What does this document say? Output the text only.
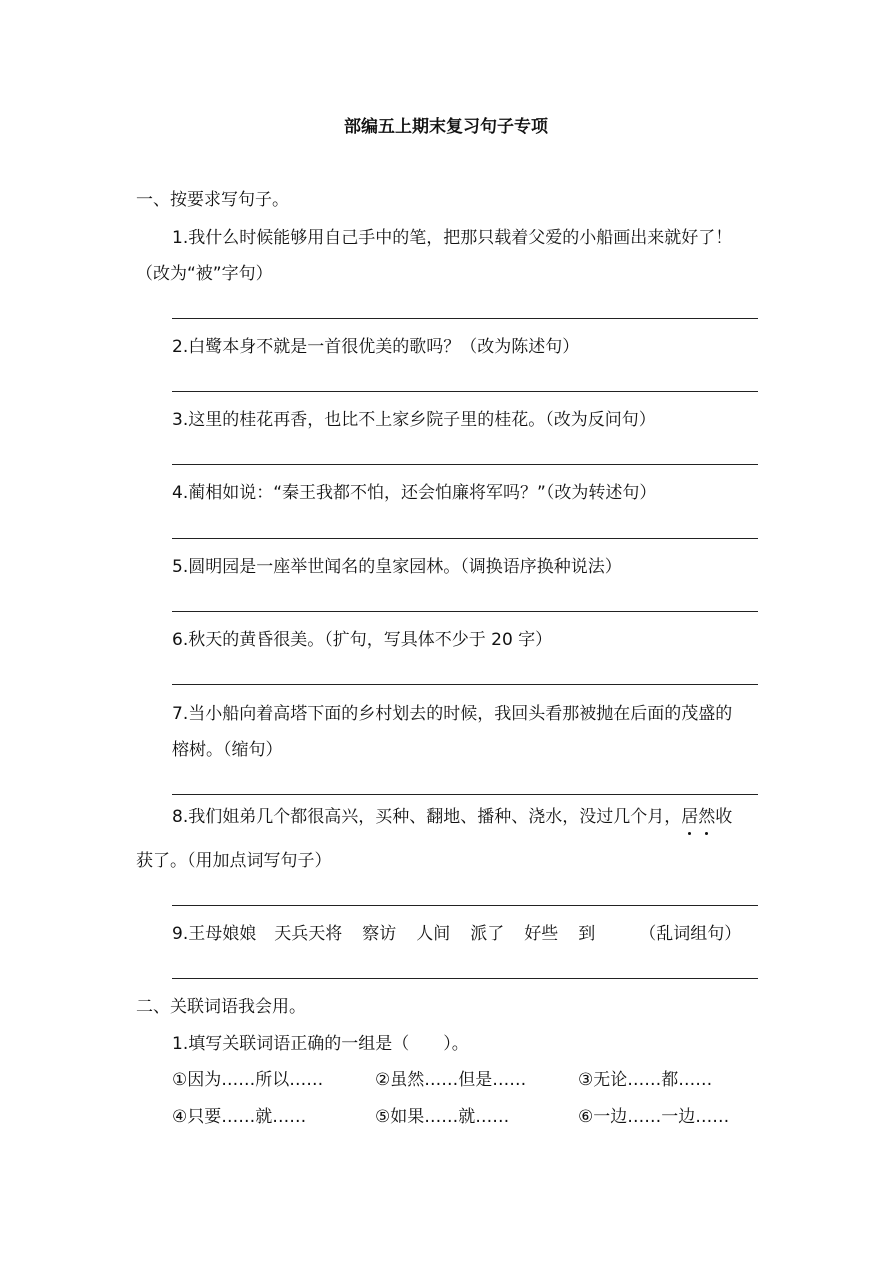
部编五上期末复习句子专项
一、按要求写句子。
1.我什么时候能够用自己手中的笔，把那只载着父爱的小船画出来就好了！
（改为“被”字句）
2.白鹭本身不就是一首很优美的歌吗？（改为陈述句）
3.这里的桂花再香，也比不上家乡院子里的桂花。（改为反问句）
4.蔺相如说：“秦王我都不怕，还会怕廉将军吗？”（改为转述句）
5.圆明园是一座举世闻名的皇家园林。（调换语序换种说法）
6.秋天的黄昏很美。（扩句，写具体不少于 20 字）
7.当小船向着高塔下面的乡村划去的时候，我回头看那被抛在后面的茂盛的
榕树。（缩句）
8.我们姐弟几个都很高兴，买种、翻地、播种、浇水，没过几个月，居然收
获了。（用加点词写句子）
9.王母娘娘 天兵天将 察访 人间 派了 好些 到	（乱词组句）
二、关联词语我会用。
1.填写关联词语正确的一组是（　　）。
①因为……所以……	②虽然……但是……	③无论……都……
④只要……就……	⑤如果……就……	⑥一边……一边……
